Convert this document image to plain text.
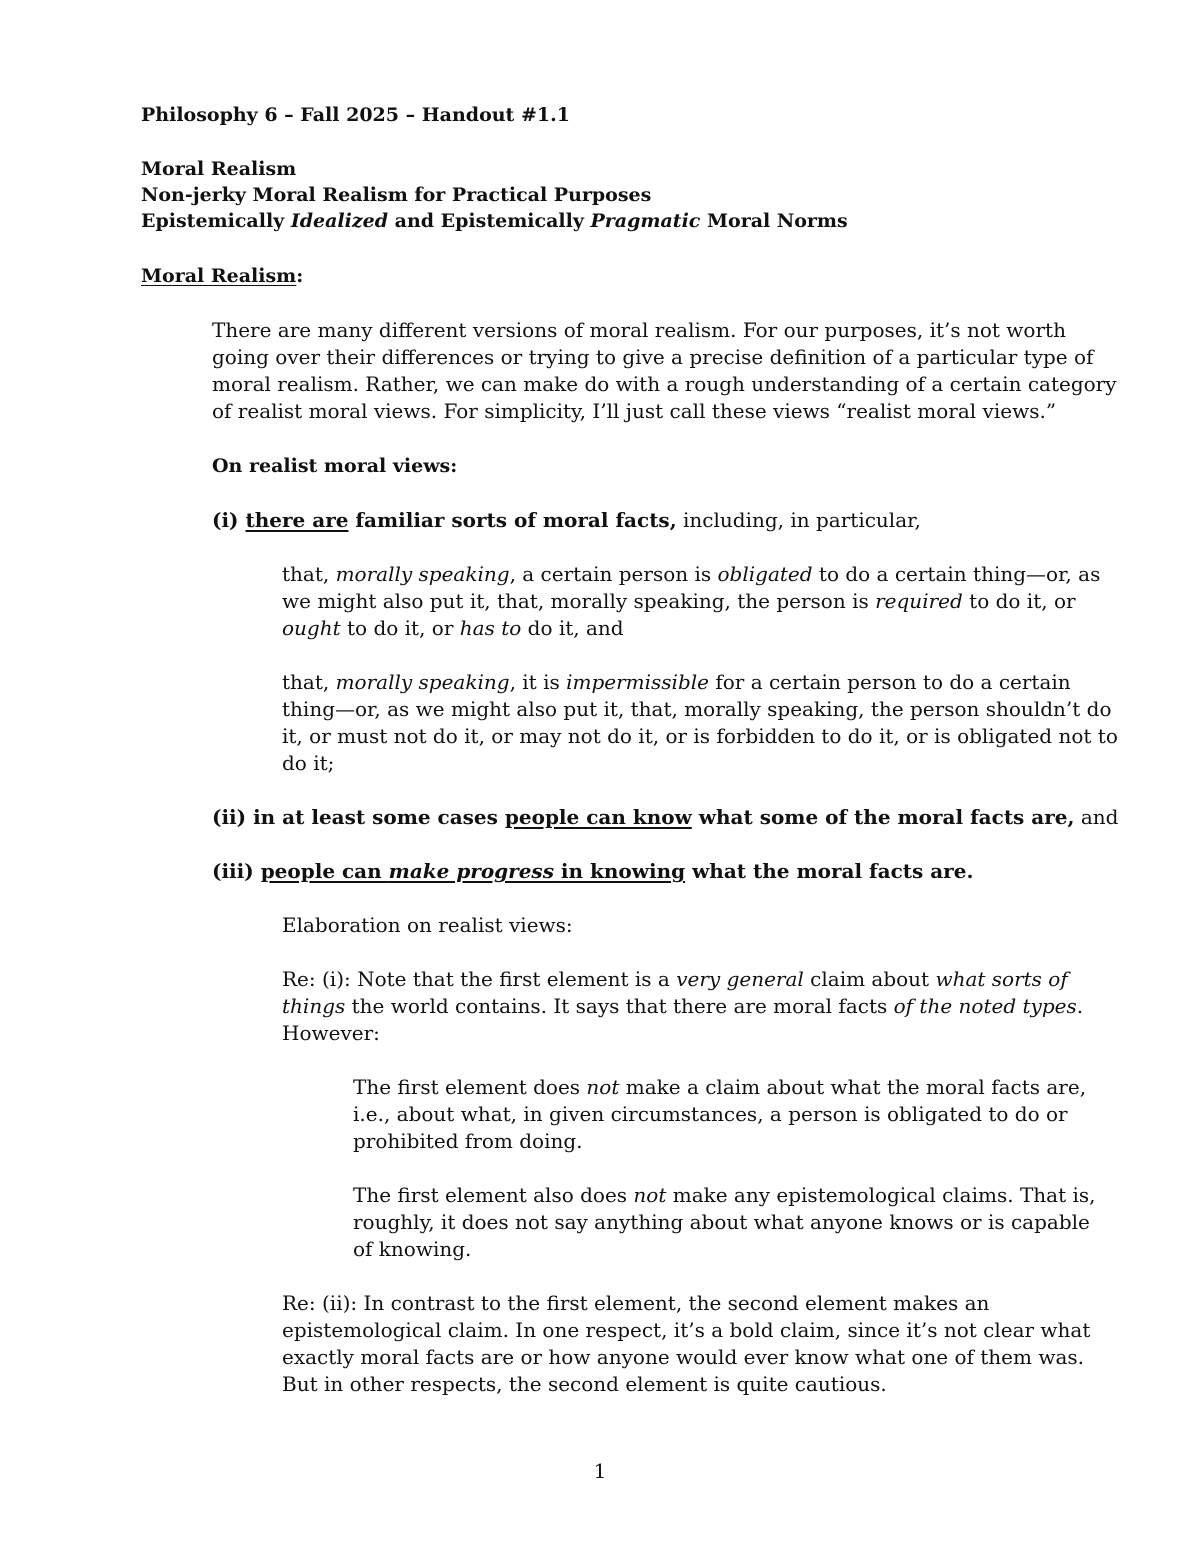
Philosophy 6 – Fall 2025 – Handout #1.1
Moral Realism
Non-jerky Moral Realism for Practical Purposes
Epistemically Idealized and Epistemically Pragmatic Moral Norms
Moral Realism:
There are many different versions of moral realism. For our purposes, it’s not worth
going over their differences or trying to give a precise definition of a particular type of
moral realism. Rather, we can make do with a rough understanding of a certain category
of realist moral views. For simplicity, I’ll just call these views “realist moral views.”
On realist moral views:
(i) there are familiar sorts of moral facts, including, in particular,
that, morally speaking, a certain person is obligated to do a certain thing—or, as
we might also put it, that, morally speaking, the person is required to do it, or
ought to do it, or has to do it, and
that, morally speaking, it is impermissible for a certain person to do a certain
thing—or, as we might also put it, that, morally speaking, the person shouldn’t do
it, or must not do it, or may not do it, or is forbidden to do it, or is obligated not to
do it;
(ii) in at least some cases people can know what some of the moral facts are, and
(iii) people can make progress in knowing what the moral facts are.
Elaboration on realist views:
Re: (i): Note that the first element is a very general claim about what sorts of
things the world contains. It says that there are moral facts of the noted types.
However:
The first element does not make a claim about what the moral facts are,
i.e., about what, in given circumstances, a person is obligated to do or
prohibited from doing.
The first element also does not make any epistemological claims. That is,
roughly, it does not say anything about what anyone knows or is capable
of knowing.
Re: (ii): In contrast to the first element, the second element makes an
epistemological claim. In one respect, it’s a bold claim, since it’s not clear what
exactly moral facts are or how anyone would ever know what one of them was.
But in other respects, the second element is quite cautious.
1
